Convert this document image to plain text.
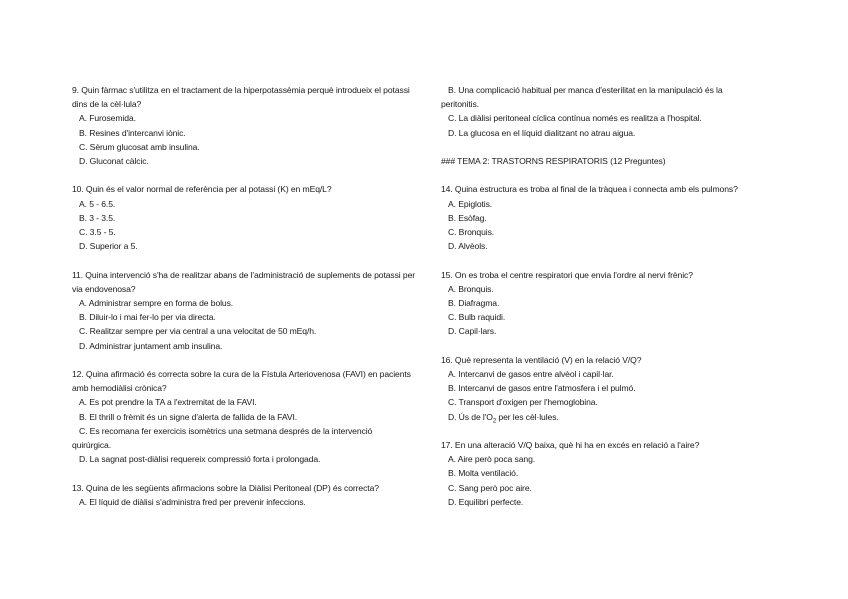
9. Quin fàrmac s'utilitza en el tractament de la hiperpotassèmia perquè introdueix el potassi dins de la cèl·lula?
A. Furosemida.
B. Resines d'intercanvi iònic.
C. Sèrum glucosat amb insulina.
D. Gluconat càlcic.
10. Quin és el valor normal de referència per al potassi (K) en mEq/L?
A. 5 - 6.5.
B. 3 - 3.5.
C. 3.5 - 5.
D. Superior a 5.
11. Quina intervenció s'ha de realitzar abans de l'administració de suplements de potassi per via endovenosa?
A. Administrar sempre en forma de bolus.
B. Diluir-lo i mai fer-lo per via directa.
C. Realitzar sempre per via central a una velocitat de 50 mEq/h.
D. Administrar juntament amb insulina.
12. Quina afirmació és correcta sobre la cura de la Fístula Arteriovenosa (FAVI) en pacients amb hemodiàlisi crònica?
A. Es pot prendre la TA a l'extremitat de la FAVI.
B. El thrill o frèmit és un signe d'alerta de fallida de la FAVI.
C. Es recomana fer exercicis isomètrics una setmana després de la intervenció
quirúrgica.
D. La sagnat post-diàlisi requereix compressió forta i prolongada.
13. Quina de les següents afirmacions sobre la Diàlisi Peritoneal (DP) és correcta?
A. El líquid de diàlisi s'administra fred per prevenir infeccions.
B. Una complicació habitual per manca d'esterilitat en la manipulació és la
peritonitis.
C. La diàlisi peritoneal cíclica contínua només es realitza a l'hospital.
D. La glucosa en el líquid dialitzant no atrau aigua.
### TEMA 2: TRASTORNS RESPIRATORIS (12 Preguntes)
14. Quina estructura es troba al final de la tràquea i connecta amb els pulmons?
A. Epiglotis.
B. Esòfag.
C. Bronquis.
D. Alvèols.
15. On es troba el centre respiratori que envia l'ordre al nervi frènic?
A. Bronquis.
B. Diafragma.
C. Bulb raquidi.
D. Capil·lars.
16. Què representa la ventilació (V) en la relació V/Q?
A. Intercanvi de gasos entre alvèol i capil·lar.
B. Intercanvi de gasos entre l'atmosfera i el pulmó.
C. Transport d'oxigen per l'hemoglobina.
D. Ús de $l'O_2$ per les cèl·lules.
17. En una alteració V/Q baixa, què hi ha en excés en relació a l'aire?
A. Aire però poca sang.
B. Molta ventilació.
C. Sang però poc aire.
D. Equilibri perfecte.
